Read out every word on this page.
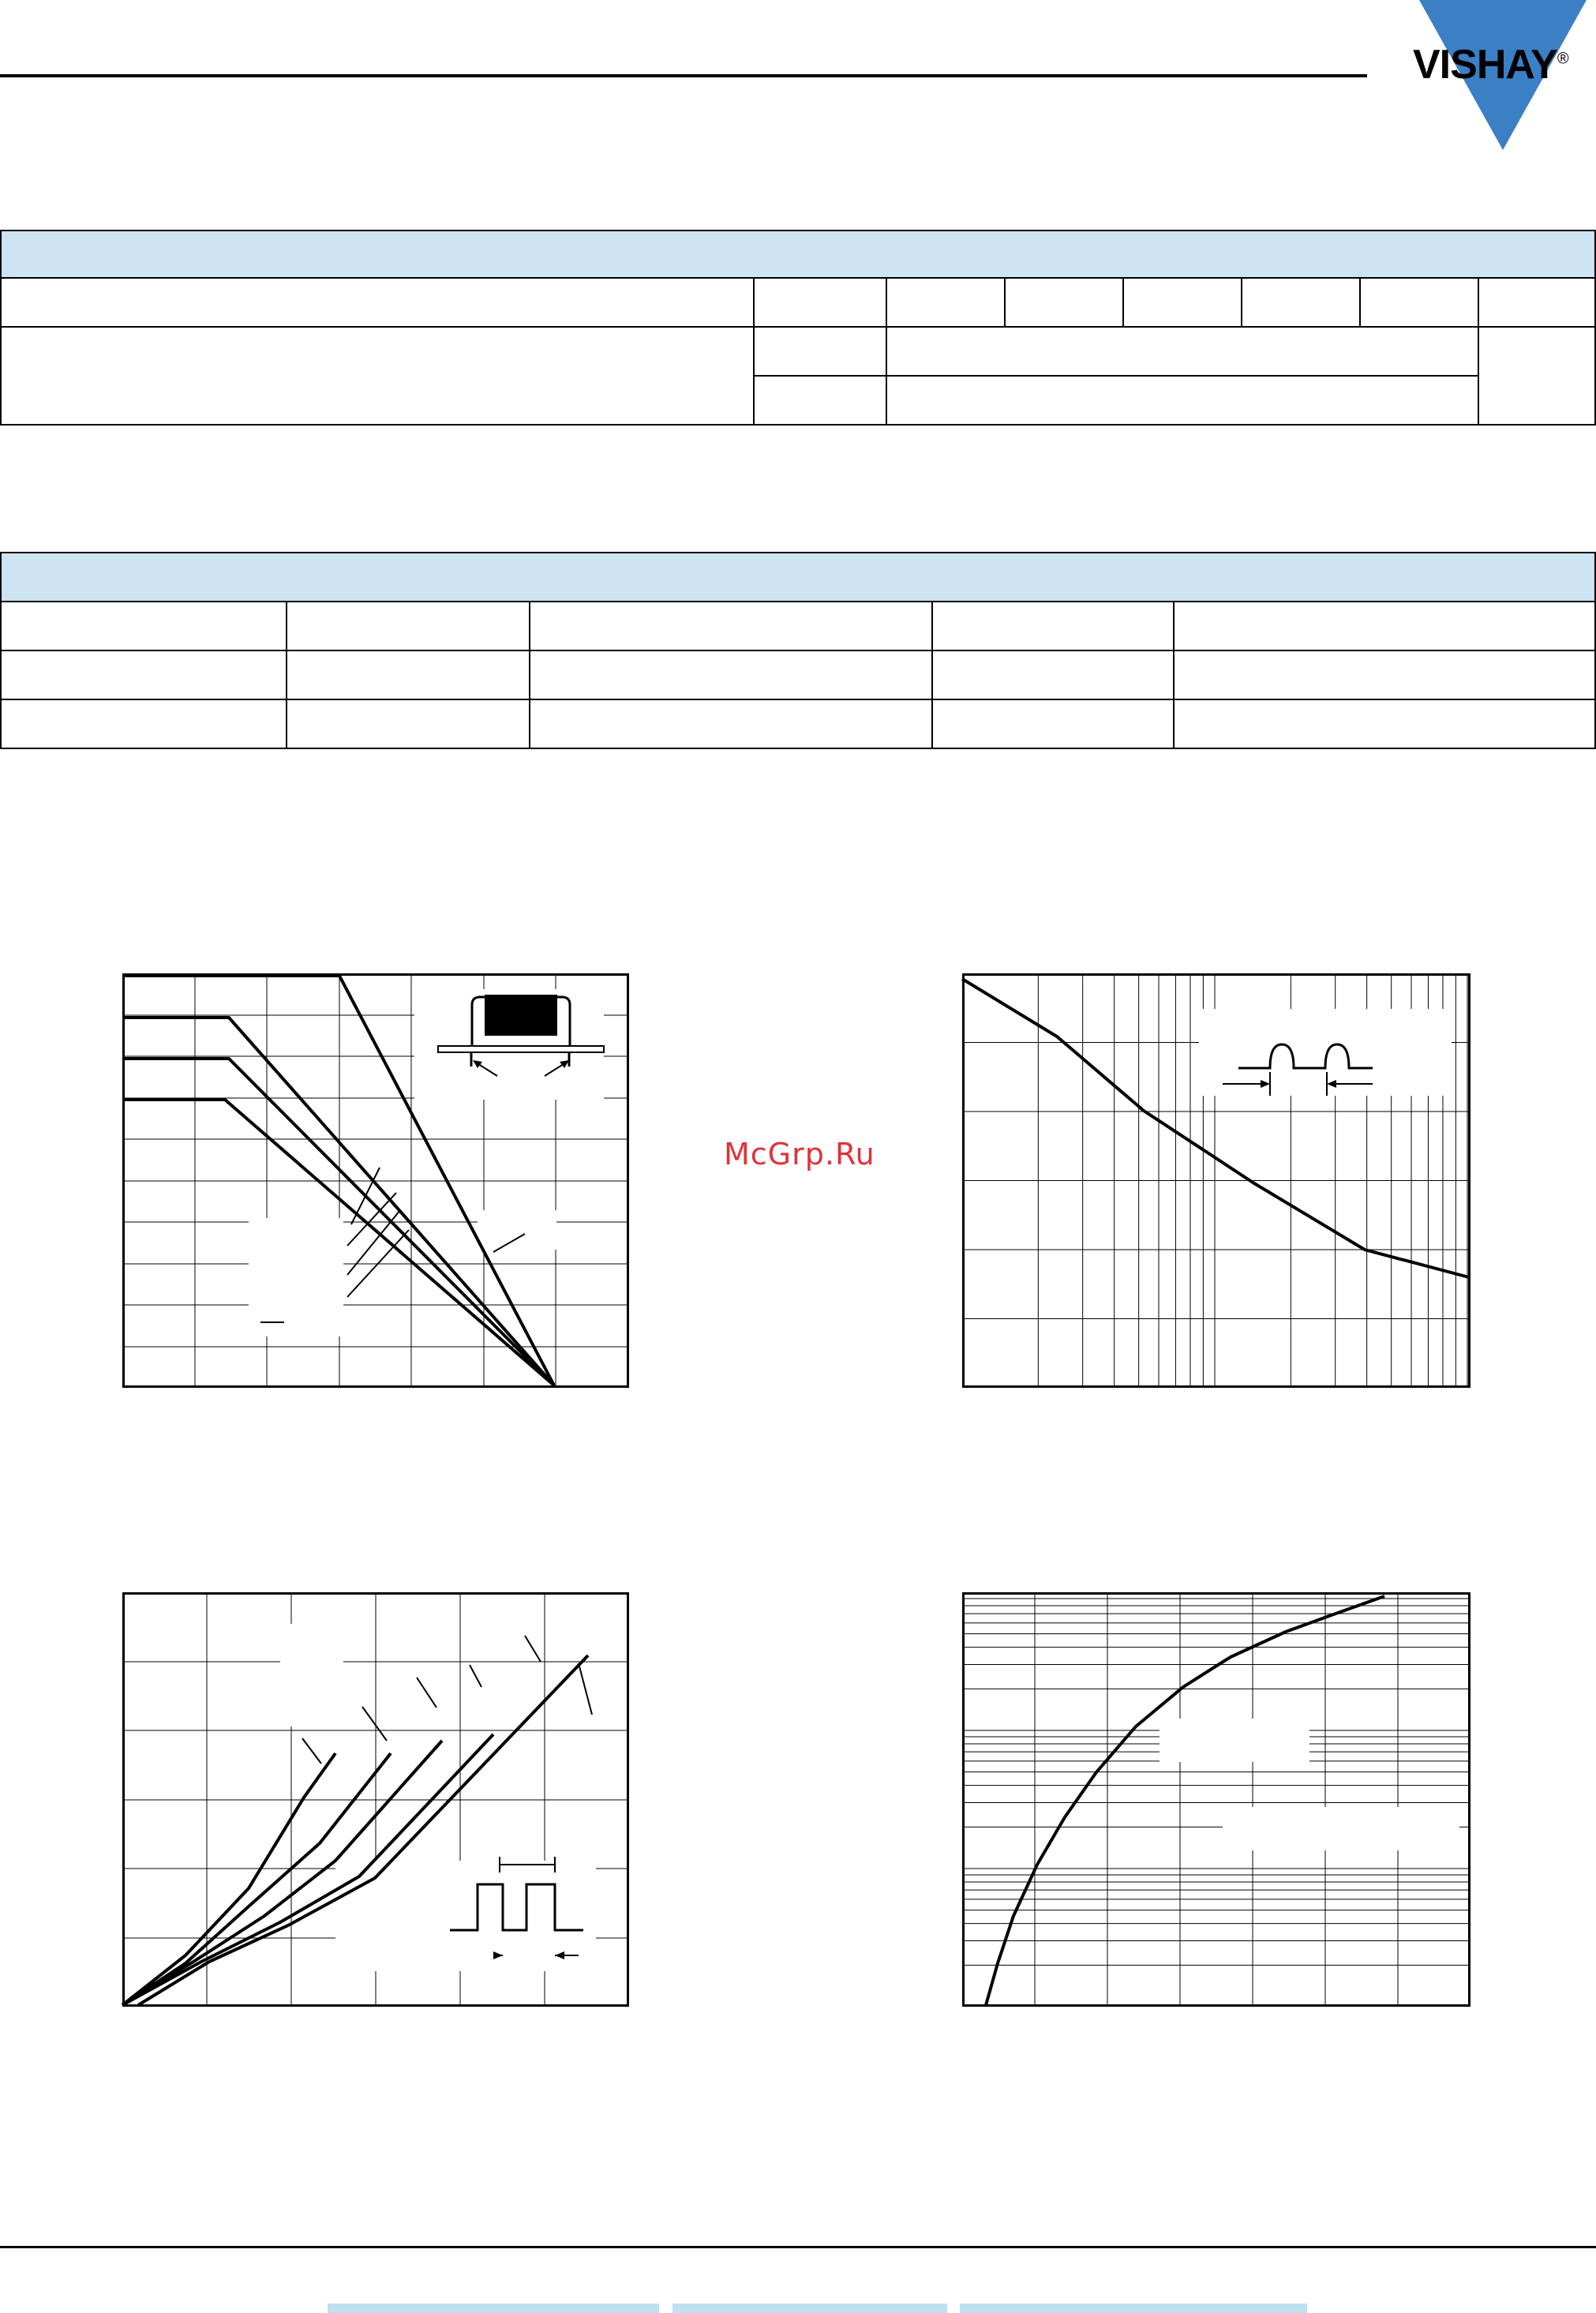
VISHAY®

McGrp.Ru
